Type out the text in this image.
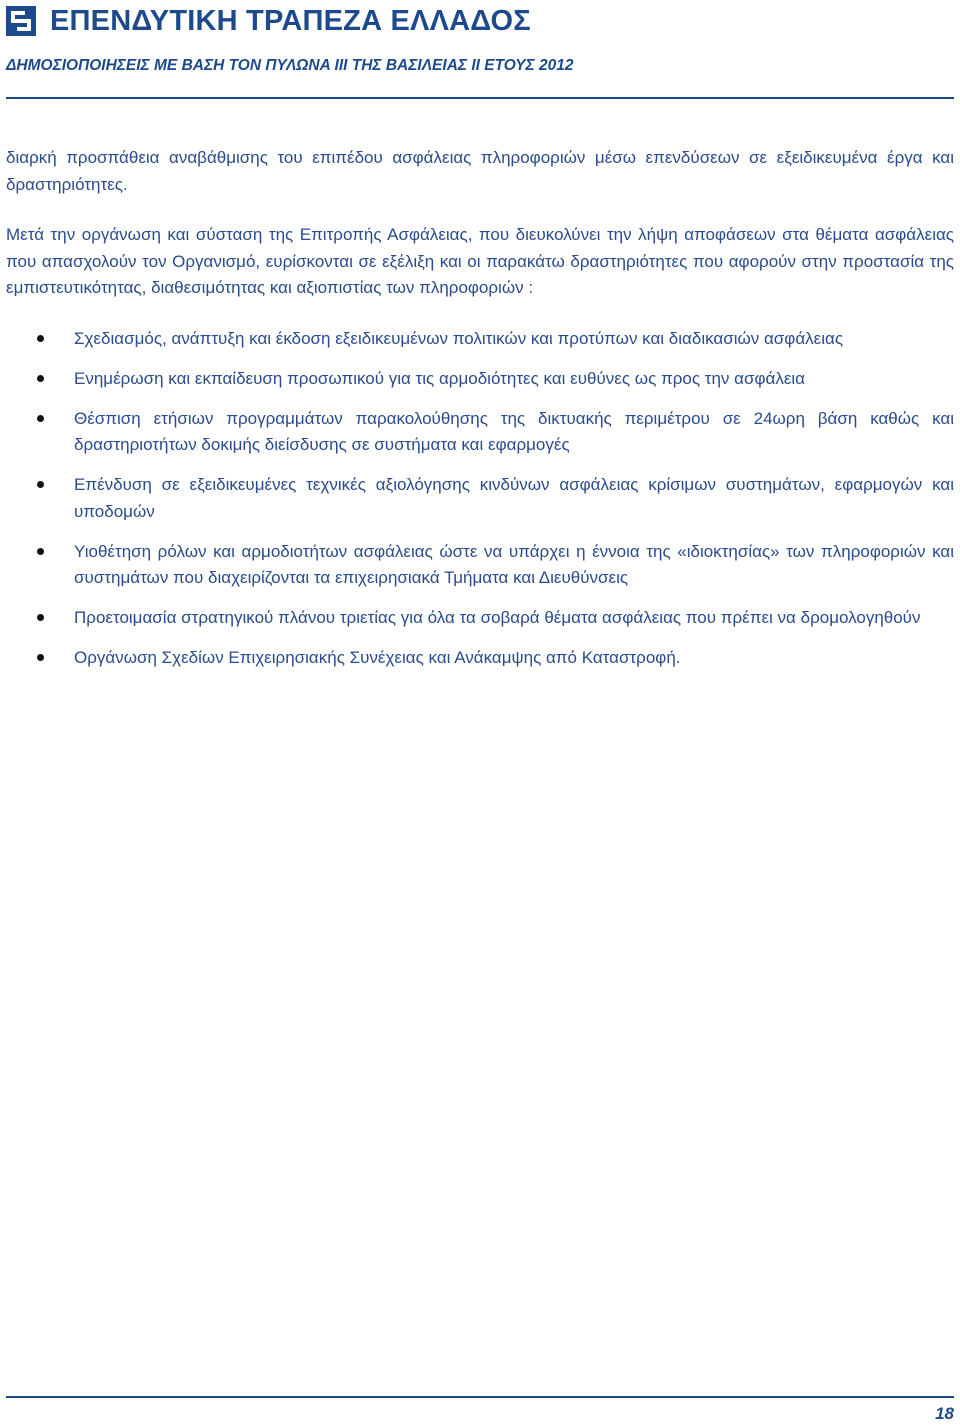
ΕΠΕΝΔΥΤΙΚΗ ΤΡΑΠΕΖΑ ΕΛΛΑΔΟΣ
ΔΗΜΟΣΙΟΠΟΙΗΣΕΙΣ ΜΕ ΒΑΣΗ ΤΟΝ ΠΥΛΩΝΑ III ΤΗΣ ΒΑΣΙΛΕΙΑΣ II ΕΤΟΥΣ 2012

διαρκή προσπάθεια αναβάθμισης του επιπέδου ασφάλειας πληροφοριών μέσω επενδύσεων σε εξειδικευμένα έργα και δραστηριότητες.

Μετά την οργάνωση και σύσταση της Επιτροπής Ασφάλειας, που διευκολύνει την λήψη αποφάσεων στα θέματα ασφάλειας που απασχολούν τον Οργανισμό, ευρίσκονται σε εξέλιξη και οι παρακάτω δραστηριότητες που αφορούν στην προστασία της εμπιστευτικότητας, διαθεσιμότητας και αξιοπιστίας των πληροφοριών :

Σχεδιασμός, ανάπτυξη και έκδοση εξειδικευμένων πολιτικών και προτύπων και διαδικασιών ασφάλειας
Ενημέρωση και εκπαίδευση προσωπικού για τις αρμοδιότητες και ευθύνες ως προς την ασφάλεια
Θέσπιση ετήσιων προγραμμάτων παρακολούθησης της δικτυακής περιμέτρου σε 24ωρη βάση καθώς και δραστηριοτήτων δοκιμής διείσδυσης σε συστήματα και εφαρμογές
Επένδυση σε εξειδικευμένες τεχνικές αξιολόγησης κινδύνων ασφάλειας κρίσιμων συστημάτων, εφαρμογών και υποδομών
Υιοθέτηση ρόλων και αρμοδιοτήτων ασφάλειας ώστε να υπάρχει η έννοια της «ιδιοκτησίας» των πληροφοριών και συστημάτων που διαχειρίζονται τα επιχειρησιακά Τμήματα και Διευθύνσεις
Προετοιμασία στρατηγικού πλάνου τριετίας για όλα τα σοβαρά θέματα ασφάλειας που πρέπει να δρομολογηθούν
Οργάνωση Σχεδίων Επιχειρησιακής Συνέχειας και Ανάκαμψης από Καταστροφή.
18
